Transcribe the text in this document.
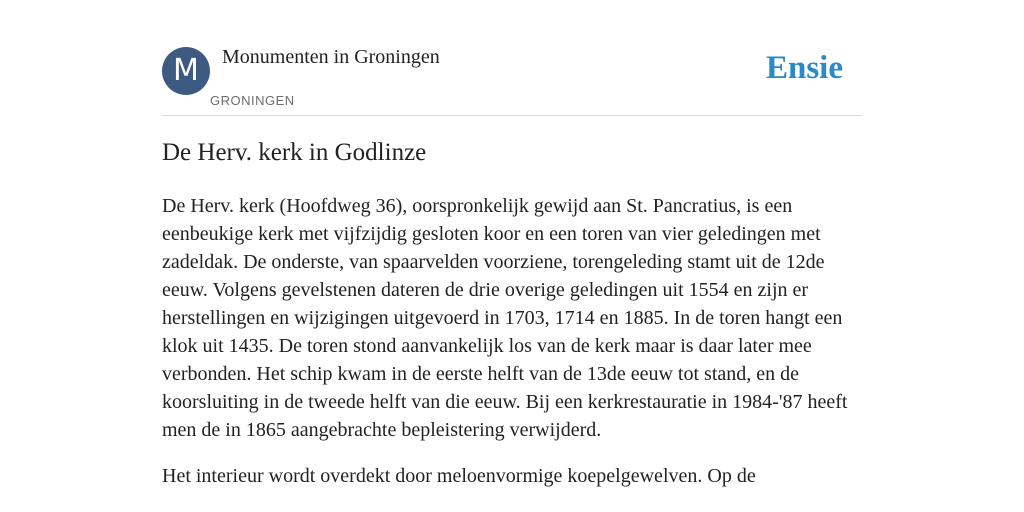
M	Monumenten in Groningen
GRONINGEN
Ensie
De Herv. kerk in Godlinze

De Herv. kerk (Hoofdweg 36), oorspronkelijk gewijd aan St. Pancratius, is een eenbeukige kerk met vijfzijdig gesloten koor en een toren van vier geledingen met zadeldak. De onderste, van spaarvelden voorziene, torengeleding stamt uit de 12de eeuw. Volgens gevelstenen dateren de drie overige geledingen uit 1554 en zijn er herstellingen en wijzigingen uitgevoerd in 1703, 1714 en 1885. In de toren hangt een klok uit 1435. De toren stond aanvankelijk los van de kerk maar is daar later mee verbonden. Het schip kwam in de eerste helft van de 13de eeuw tot stand, en de koorsluiting in de tweede helft van die eeuw. Bij een kerkrestauratie in 1984-'87 heeft men de in 1865 aangebrachte bepleistering verwijderd.

Het interieur wordt overdekt door meloenvormige koepelgewelven. Op de
